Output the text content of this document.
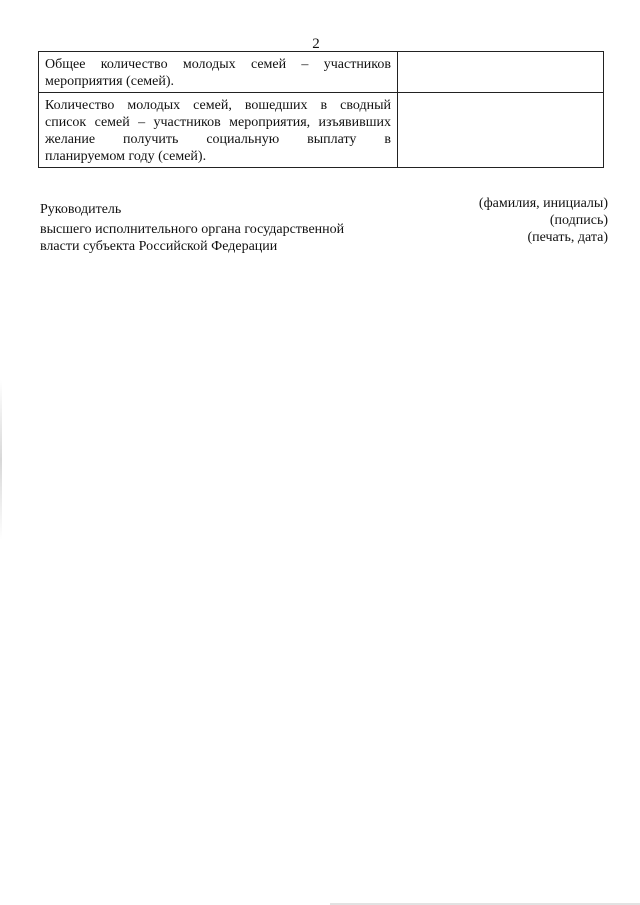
2
Общее количество молодых семей – участников
мероприятия (семей).	

Количество молодых семей, вошедших в сводный
список семей – участников мероприятия, изъявивших
желание получить социальную выплату в
планируемом году (семей).	

Руководитель
высшего исполнительного органа государственной
власти субъекта Российской Федерации
(фамилия, инициалы)
(подпись)
(печать, дата)
